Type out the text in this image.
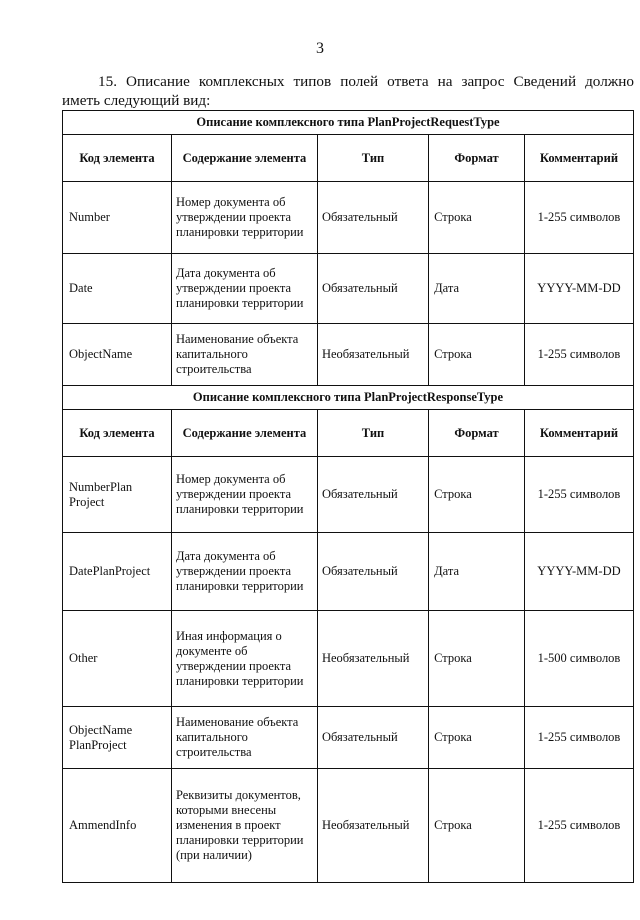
3

15. Описание комплексных типов полей ответа на запрос Сведений должно
иметь следующий вид:

Описание комплексного типа PlanProjectRequestType				
Код элемента	Содержание элемента	Тип	Формат	Комментарий
Number	Номер документа об утверждении проекта планировки территории	Обязательный	Строка	1-255 символов
Date	Дата документа об утверждении проекта планировки территории	Обязательный	Дата	YYYY-MM-DD
ObjectName	Наименование объекта капитального строительства	Необязательный	Строка	1-255 символов
Описание комплексного типа PlanProjectResponseType				
Код элемента	Содержание элемента	Тип	Формат	Комментарий
NumberPlan Project	Номер документа об утверждении проекта планировки территории	Обязательный	Строка	1-255 символов
DatePlanProject	Дата документа об утверждении проекта планировки территории	Обязательный	Дата	YYYY-MM-DD
Other	Иная информация о документе об утверждении проекта планировки территории	Необязательный	Строка	1-500 символов
ObjectName PlanProject	Наименование объекта капитального строительства	Обязательный	Строка	1-255 символов
AmmendInfo	Реквизиты документов, которыми внесены изменения в проект планировки территории (при наличии)	Необязательный	Строка	1-255 символов
